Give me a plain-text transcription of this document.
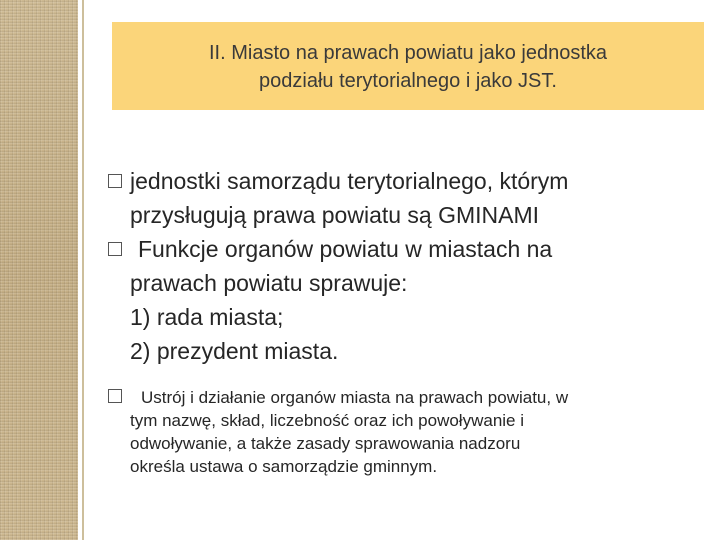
II. Miasto na prawach powiatu jako jednostka
podziału terytorialnego i jako JST.

jednostki samorządu terytorialnego, którym
przysługują prawa powiatu są GMINAMI

Funkcje organów powiatu w miastach na
prawach powiatu sprawuje:
1) rada miasta;
2) prezydent miasta.

Ustrój i działanie organów miasta na prawach powiatu, w
tym nazwę, skład, liczebność oraz ich powoływanie i
odwoływanie, a także zasady sprawowania nadzoru
określa ustawa o samorządzie gminnym.
